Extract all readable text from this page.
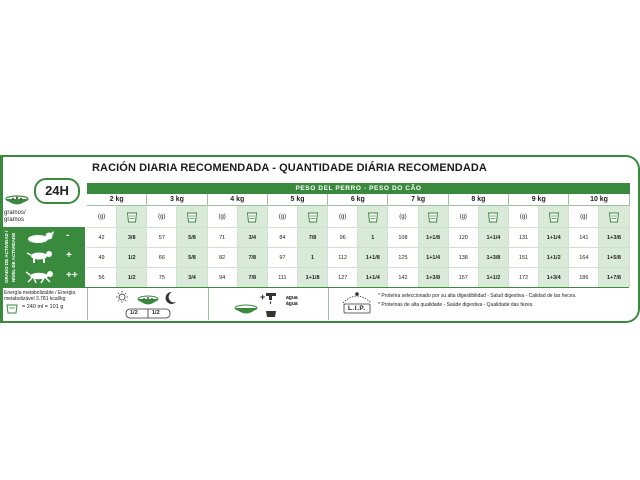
RACIÓN DIARIA RECOMENDADA - QUANTIDADE DIÁRIA RECOMENDADA
24H
gramos/ gramos
PESO DEL PERRO - PESO DO CÃO
2 kg	3 kg	4 kg	5 kg	6 kg	7 kg	8 kg	9 kg	10 kg
(g)	(g)	(g)	(g)	(g)	(g)	(g)	(g)	(g)
GRADO DE ACTIVIDAD / NÍVEL DE ACTIVIDADE	-
+
++
42	3/8	57	5/8	71	3/4	84	7/8	96	1	108	1+1/8	120	1+1/4	131	1+1/4	141	1+3/8
49	1/2	66	5/8	82	7/8	97	1	112	1+1/8	125	1+1/4	138	1+3/8	151	1+1/2	164	1+5/8
56	1/2	75	3/4	94	7/8	111	1+1/8	127	1+1/4	142	1+3/8	157	1+1/2	172	1+3/4	186	1+7/8
Energía metabolizable / Energia metabolizável 3.781 kcal/kg
= 240 ml = 101 g
1/2	1/2
+	agua água
L.I.P.
* Proteína seleccionado por su alta digestibilidad - Salud digestiva - Calidad de las heces.
* Proteínas de alta qualidade - Saúde digestiva - Qualidade das fezes.
